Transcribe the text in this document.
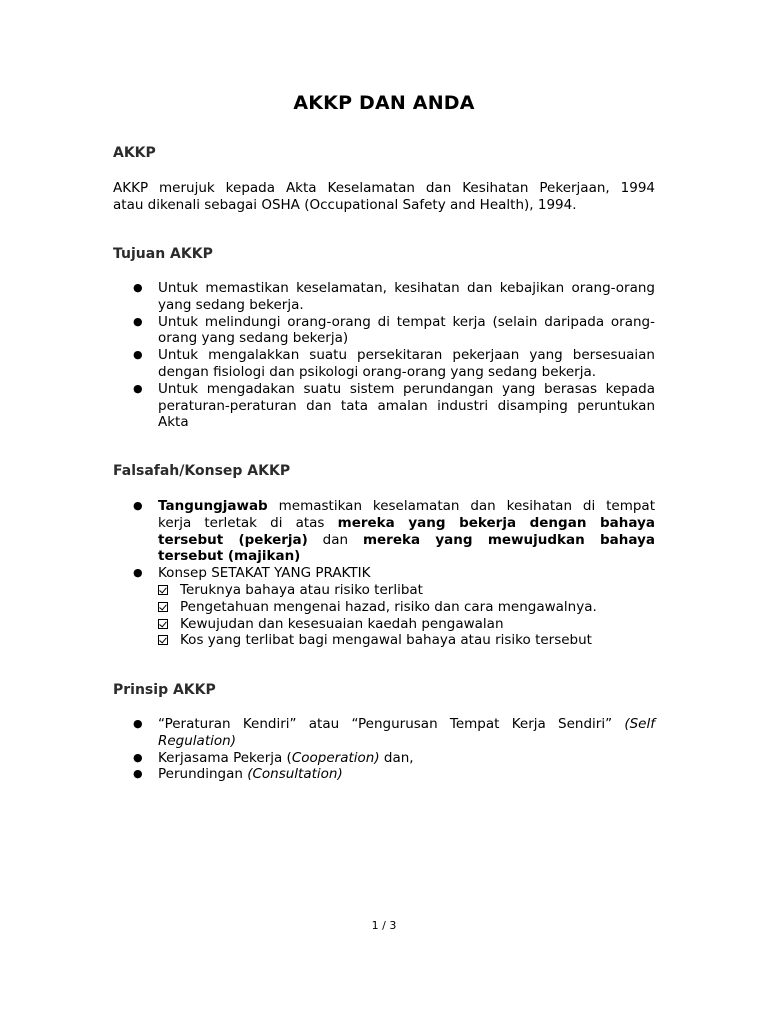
AKKP DAN ANDA
AKKP
AKKP merujuk kepada Akta Keselamatan dan Kesihatan Pekerjaan, 1994
atau dikenali sebagai OSHA (Occupational Safety and Health), 1994.
Tujuan AKKP
● Untuk memastikan keselamatan, kesihatan dan kebajikan orang-orang
yang sedang bekerja.
● Untuk melindungi orang-orang di tempat kerja (selain daripada orang-
orang yang sedang bekerja)
● Untuk mengalakkan suatu persekitaran pekerjaan yang bersesuaian
dengan fisiologi dan psikologi orang-orang yang sedang bekerja.
● Untuk mengadakan suatu sistem perundangan yang berasas kepada
peraturan-peraturan dan tata amalan industri disamping peruntukan
Akta
Falsafah/Konsep AKKP
● Tangungjawab memastikan keselamatan dan kesihatan di tempat
kerja terletak di atas mereka yang bekerja dengan bahaya
tersebut (pekerja) dan mereka yang mewujudkan bahaya
tersebut (majikan)
● Konsep SETAKAT YANG PRAKTIK
Teruknya bahaya atau risiko terlibat
Pengetahuan mengenai hazad, risiko dan cara mengawalnya.
Kewujudan dan kesesuaian kaedah pengawalan
Kos yang terlibat bagi mengawal bahaya atau risiko tersebut
Prinsip AKKP
● “Peraturan Kendiri” atau “Pengurusan Tempat Kerja Sendiri” (Self
Regulation)
● Kerjasama Pekerja (Cooperation) dan,
● Perundingan (Consultation)
1 / 3
